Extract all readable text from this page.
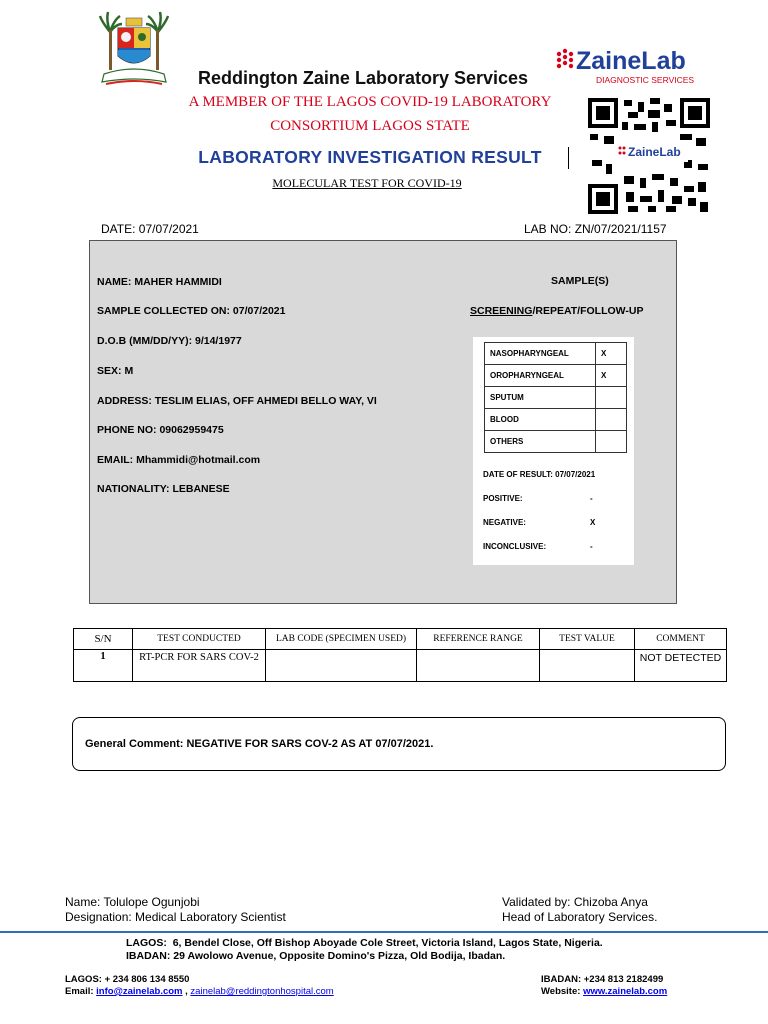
ZaineLab
DIAGNOSTIC SERVICES
ZaineLab
Reddington Zaine Laboratory Services
A MEMBER OF THE LAGOS COVID-19 LABORATORY
CONSORTIUM LAGOS STATE
LABORATORY INVESTIGATION RESULT
MOLECULAR TEST FOR COVID-19
DATE: 07/07/2021	LAB NO: ZN/07/2021/1157
NAME: MAHER HAMMIDI
SAMPLE COLLECTED ON: 07/07/2021
D.O.B (MM/DD/YY): 9/14/1977
SEX: M
ADDRESS: TESLIM ELIAS, OFF AHMEDI BELLO WAY, VI
PHONE NO: 09062959475
EMAIL: Mhammidi@hotmail.com
NATIONALITY: LEBANESE
SAMPLE(S)
SCREENING/REPEAT/FOLLOW-UP
NASOPHARYNGEAL	X
OROPHARYNGEAL	X
SPUTUM	
BLOOD	
OTHERS	
DATE OF RESULT: 07/07/2021
POSITIVE:	-
NEGATIVE:	X
INCONCLUSIVE:	-
S/N	TEST CONDUCTED	LAB CODE (SPECIMEN USED)	REFERENCE RANGE	TEST VALUE	COMMENT
1	RT-PCR FOR SARS COV-2				NOT DETECTED
General Comment: NEGATIVE FOR SARS COV-2 AS AT 07/07/2021.
Name: Tolulope Ogunjobi
Designation: Medical Laboratory Scientist
Validated by: Chizoba Anya
Head of Laboratory Services.
LAGOS: 6, Bendel Close, Off Bishop Aboyade Cole Street, Victoria Island, Lagos State, Nigeria.
IBADAN: 29 Awolowo Avenue, Opposite Domino's Pizza, Old Bodija, Ibadan.
LAGOS: + 234 806 134 8550
Email: info@zainelab.com , zainelab@reddingtonhospital.com
IBADAN: +234 813 2182499
Website: www.zainelab.com
